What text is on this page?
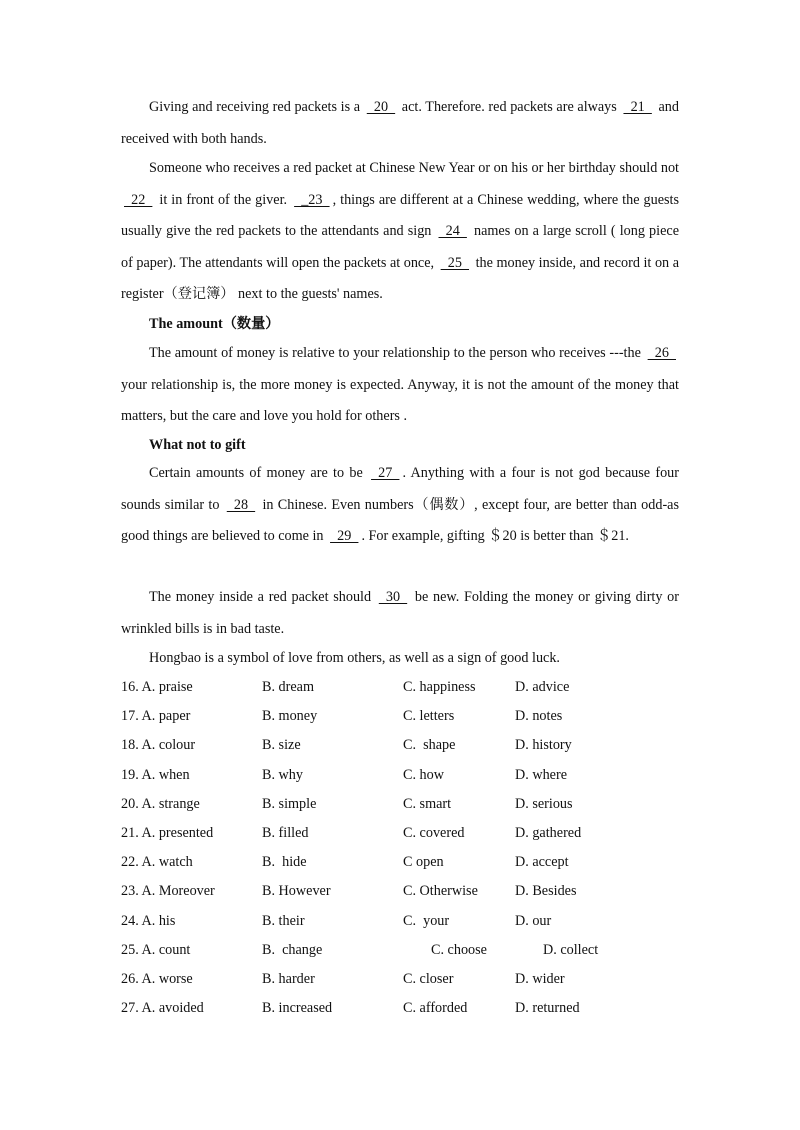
Giving and receiving red packets is a   20   act. Therefore. red packets are always   21   and received with both hands.
Someone who receives a red packet at Chinese New Year or on his or her birthday should not   22   it in front of the giver.   _23  , things are different at a Chinese wedding, where the guests usually give the red packets to the attendants and sign   24   names on a large scroll ( long piece of paper). The attendants will open the packets at once,   25   the money inside, and record it on a register（登记簿） next to the guests' names.
The amount（数量）
The amount of money is relative to your relationship to the person who receives ---the   26   your relationship is, the more money is expected. Anyway, it is not the amount of the money that matters, but the care and love you hold for others .
What not to gift
Certain amounts of money are to be   27  . Anything with a four is not god because four sounds similar to   28   in Chinese. Even numbers（偶数）, except four, are better than odd-as good things are believed to come in   29  . For example, gifting ＄20 is better than ＄21.
The money inside a red packet should   30   be new. Folding the money or giving dirty or wrinkled bills is in bad taste.
Hongbao is a symbol of love from others, as well as a sign of good luck.
16. A. praise	B. dream	C. happiness	D. advice
17. A. paper	B. money	C. letters	D. notes
18. A. colour	B. size	C.  shape	D. history
19. A. when	B. why	C. how	D. where
20. A. strange	B. simple	C. smart	D. serious
21. A. presented	B. filled	C. covered	D. gathered
22. A. watch	B.  hide	C open	D. accept
23. A. Moreover	B. However	C. Otherwise	D. Besides
24. A. his	B. their	C.  your	D. our
25. A. count	B.  change	C. choose	D. collect
26. A. worse	B. harder	C. closer	D. wider
27. A. avoided	B. increased	C. afforded	D. returned
